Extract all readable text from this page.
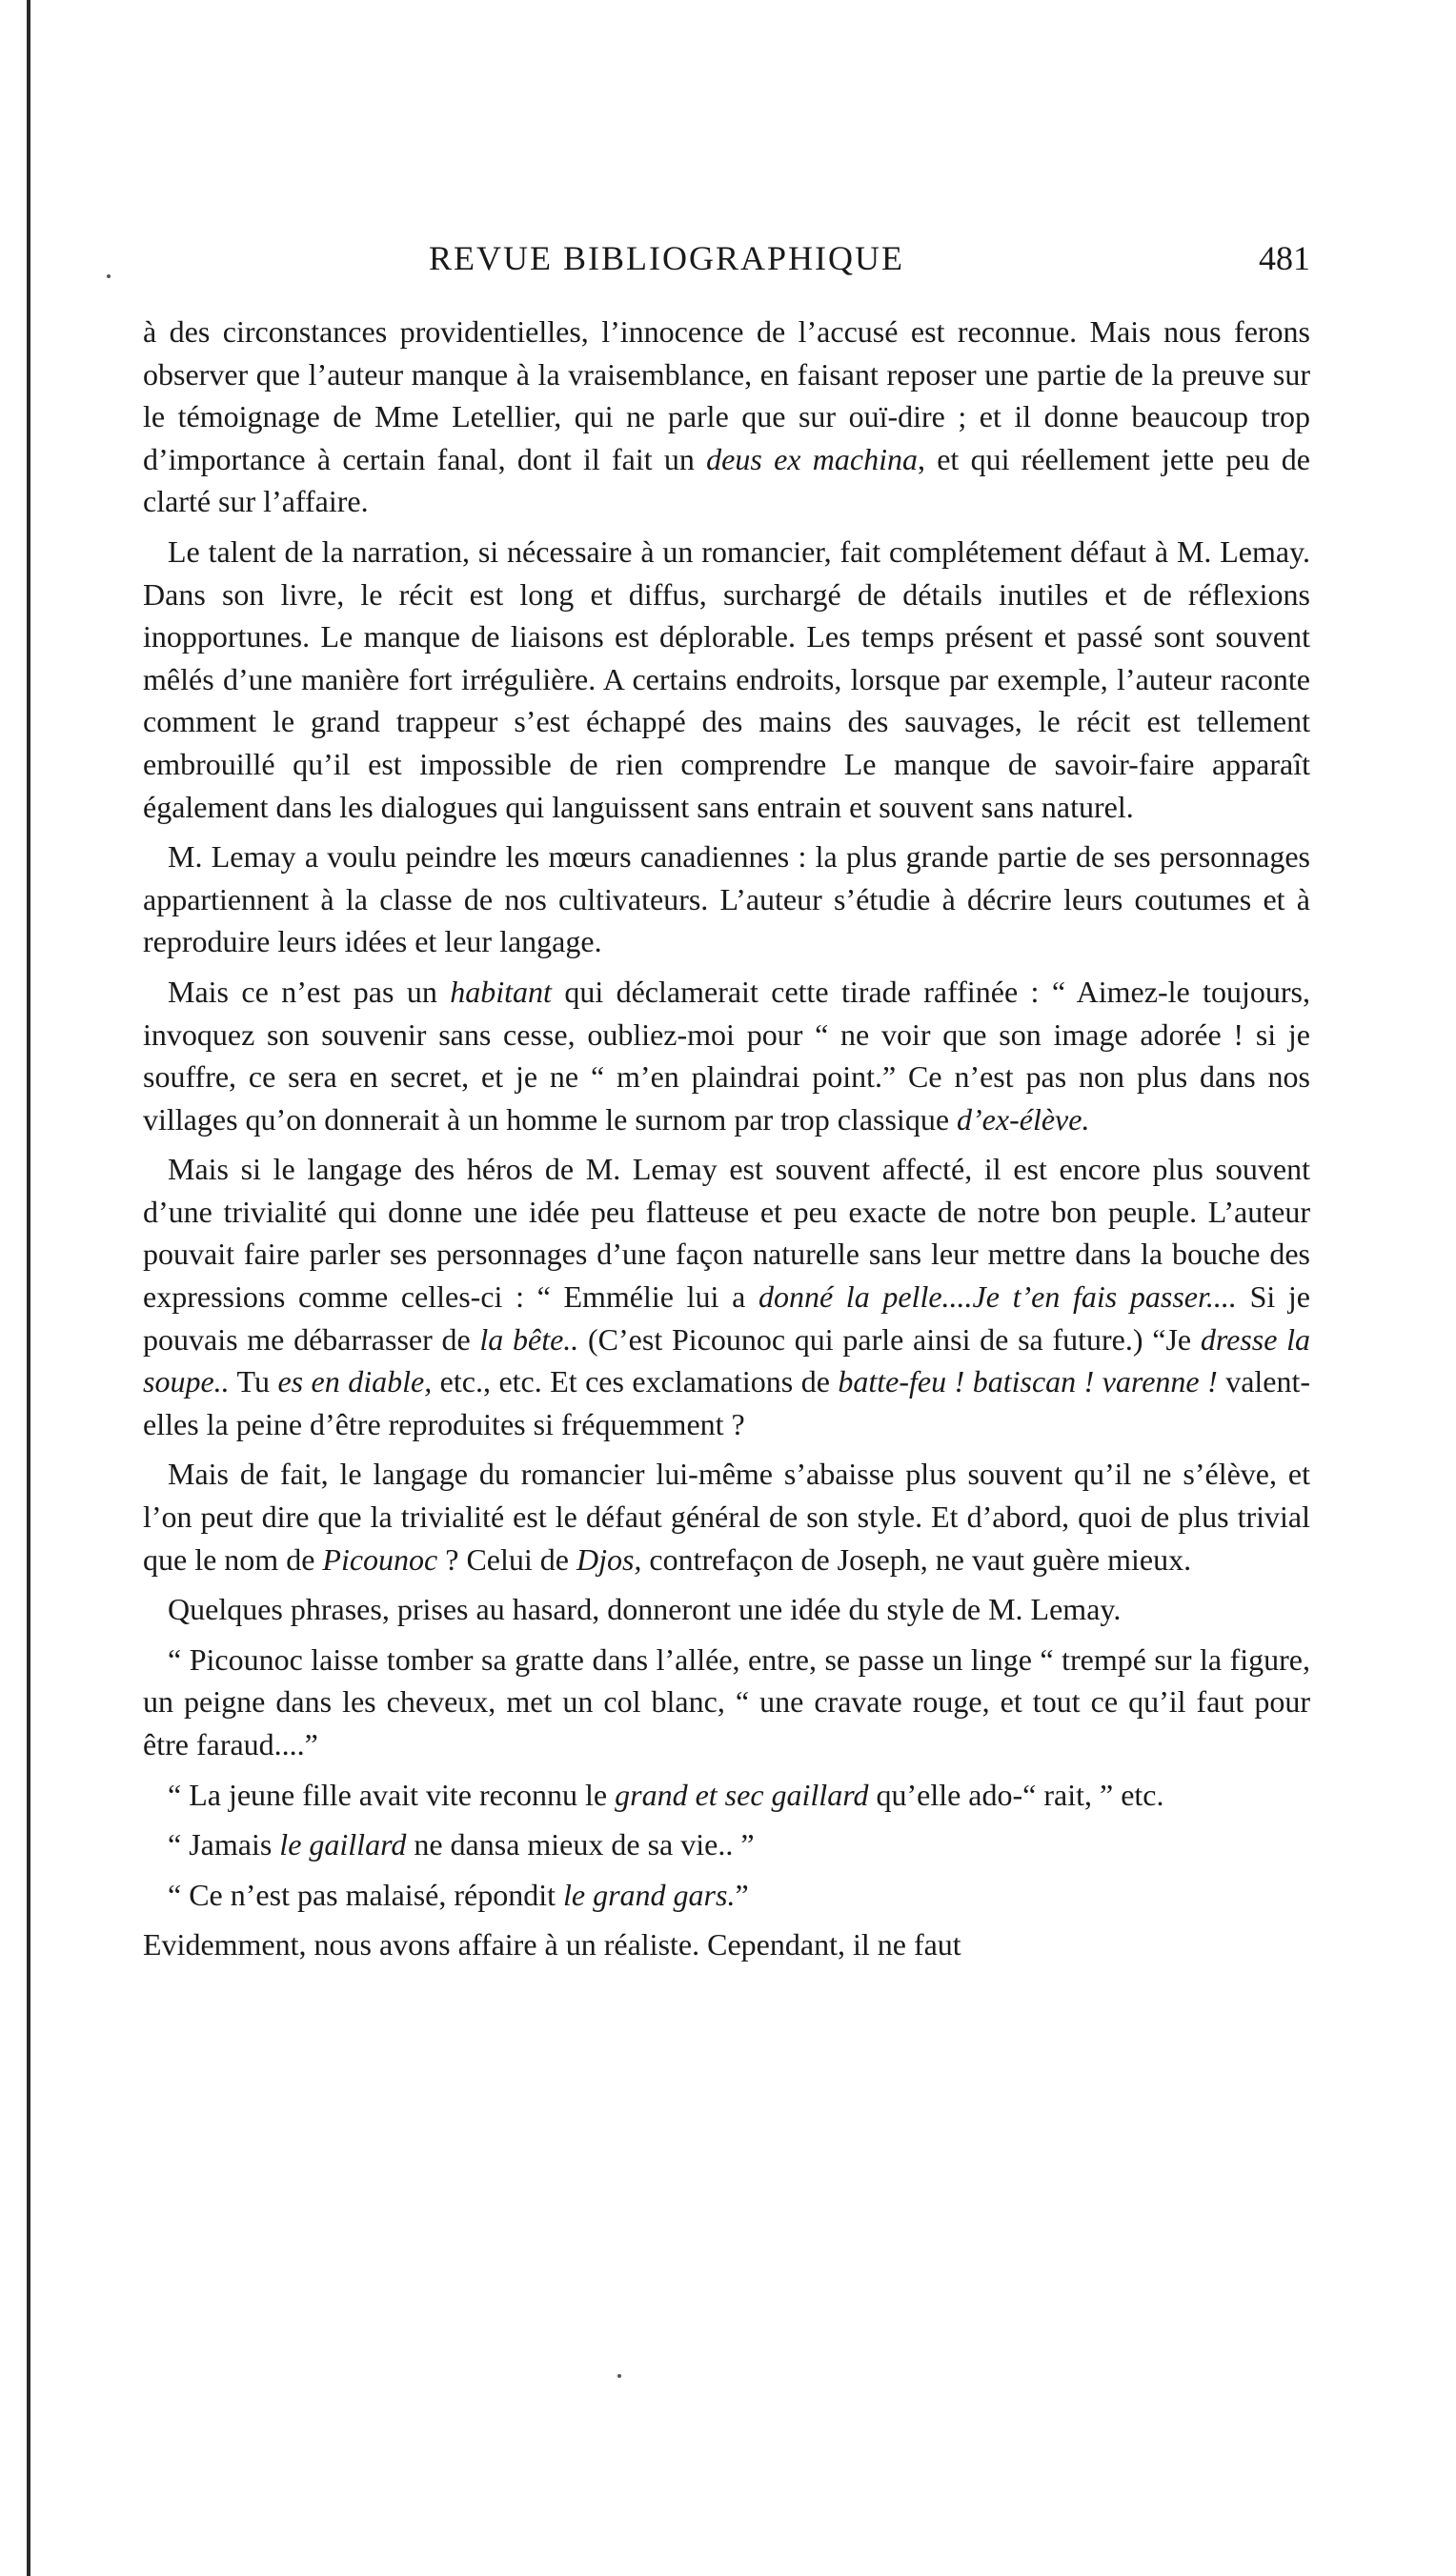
REVUE BIBLIOGRAPHIQUE	481

à des circonstances providentielles, l’innocence de l’accusé est reconnue. Mais nous ferons observer que l’auteur manque à la vraisemblance, en faisant reposer une partie de la preuve sur le témoignage de Mme Letellier, qui ne parle que sur ouï-dire ; et il donne beaucoup trop d’importance à certain fanal, dont il fait un deus ex machina, et qui réellement jette peu de clarté sur l’affaire.

Le talent de la narration, si nécessaire à un romancier, fait complétement défaut à M. Lemay. Dans son livre, le récit est long et diffus, surchargé de détails inutiles et de réflexions inopportunes. Le manque de liaisons est déplorable. Les temps présent et passé sont souvent mêlés d’une manière fort irrégulière. A certains endroits, lorsque par exemple, l’auteur raconte comment le grand trappeur s’est échappé des mains des sauvages, le récit est tellement embrouillé qu’il est impossible de rien comprendre Le manque de savoir-faire apparaît également dans les dialogues qui languissent sans entrain et souvent sans naturel.

M. Lemay a voulu peindre les mœurs canadiennes : la plus grande partie de ses personnages appartiennent à la classe de nos cultivateurs. L’auteur s’étudie à décrire leurs coutumes et à reproduire leurs idées et leur langage.

Mais ce n’est pas un habitant qui déclamerait cette tirade raffinée : “ Aimez-le toujours, invoquez son souvenir sans cesse, oubliez-moi pour “ ne voir que son image adorée ! si je souffre, ce sera en secret, et je ne “ m’en plaindrai point.” Ce n’est pas non plus dans nos villages qu’on donnerait à un homme le surnom par trop classique d’ex-élève.

Mais si le langage des héros de M. Lemay est souvent affecté, il est encore plus souvent d’une trivialité qui donne une idée peu flatteuse et peu exacte de notre bon peuple. L’auteur pouvait faire parler ses personnages d’une façon naturelle sans leur mettre dans la bouche des expressions comme celles-ci : “ Emmélie lui a donné la pelle....Je t’en fais passer.... Si je pouvais me débarrasser de la bête.. (C’est Picounoc qui parle ainsi de sa future.) “Je dresse la soupe.. Tu es en diable, etc., etc. Et ces exclamations de batte-feu ! batiscan ! varenne ! valent-elles la peine d’être reproduites si fréquemment ?

Mais de fait, le langage du romancier lui-même s’abaisse plus souvent qu’il ne s’élève, et l’on peut dire que la trivialité est le défaut général de son style. Et d’abord, quoi de plus trivial que le nom de Picounoc ? Celui de Djos, contrefaçon de Joseph, ne vaut guère mieux.

Quelques phrases, prises au hasard, donneront une idée du style de M. Lemay.

“ Picounoc laisse tomber sa gratte dans l’allée, entre, se passe un linge “ trempé sur la figure, un peigne dans les cheveux, met un col blanc, “ une cravate rouge, et tout ce qu’il faut pour être faraud....”

“ La jeune fille avait vite reconnu le grand et sec gaillard qu’elle ado-“ rait, ” etc.

“ Jamais le gaillard ne dansa mieux de sa vie.. ”

“ Ce n’est pas malaisé, répondit le grand gars.”

Evidemment, nous avons affaire à un réaliste. Cependant, il ne faut
